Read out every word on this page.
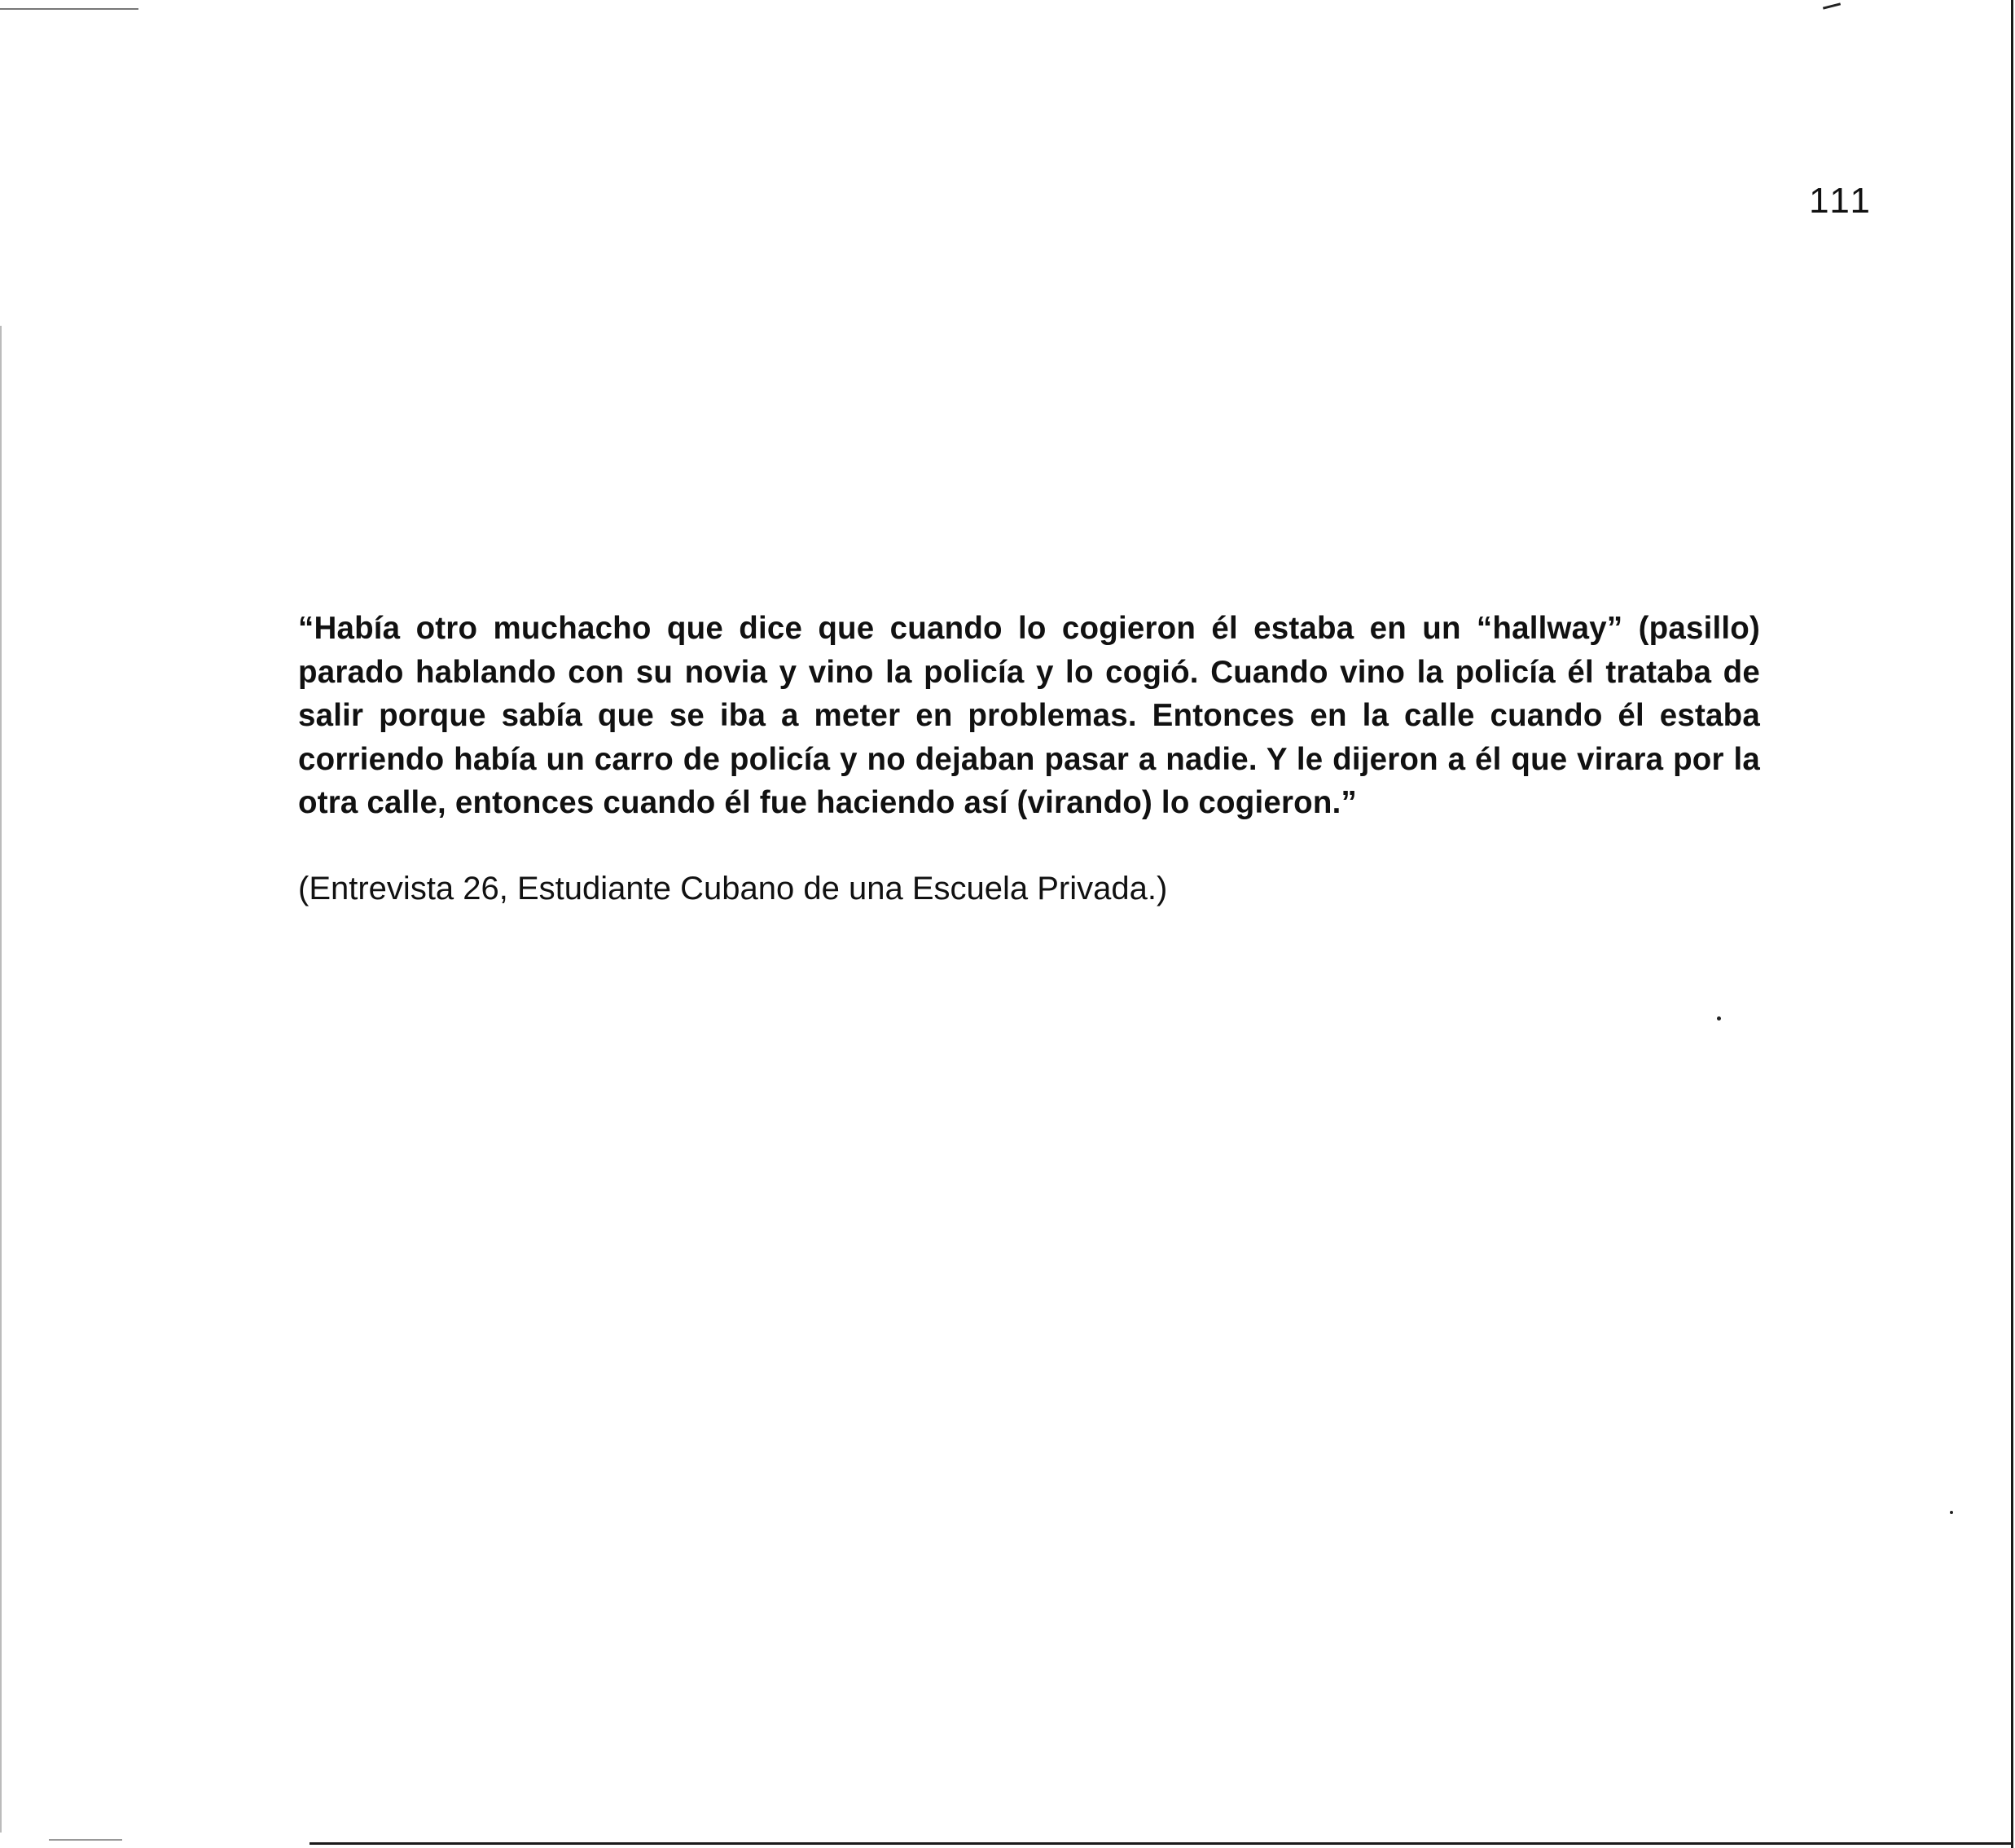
111

“Había otro muchacho que dice que cuando lo cogieron él estaba en un “hallway” (pasillo) parado hablando con su novia y vino la policía y lo cogió. Cuando vino la policía él trataba de salir porque sabía que se iba a meter en problemas. Entonces en la calle cuando él estaba corriendo había un carro de policía y no dejaban pasar a nadie. Y le dijeron a él que virara por la otra calle, entonces cuando él fue haciendo así (virando) lo cogieron.”

(Entrevista 26, Estudiante Cubano de una Escuela Privada.)
